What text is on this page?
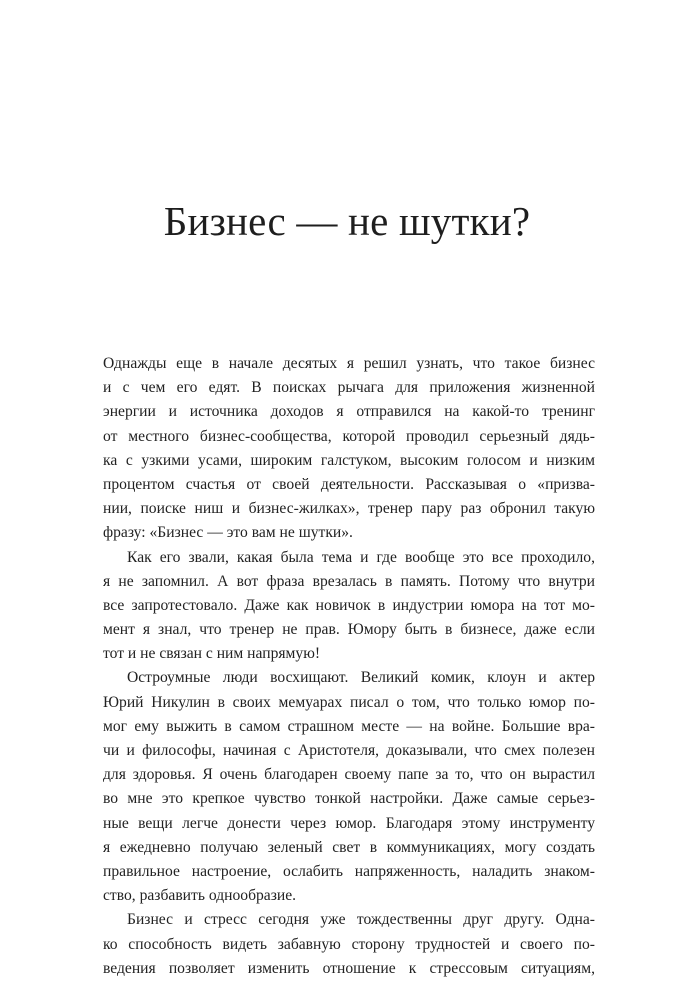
Бизнес — не шутки?
Однажды еще в начале десятых я решил узнать, что такое бизнес
и с чем его едят. В поисках рычага для приложения жизненной
энергии и источника доходов я отправился на какой-то тренинг
от местного бизнес-сообщества, которой проводил серьезный дядь-
ка с узкими усами, широким галстуком, высоким голосом и низким
процентом счастья от своей деятельности. Рассказывая о «призва-
нии, поиске ниш и бизнес-жилках», тренер пару раз обронил такую
фразу: «Бизнес — это вам не шутки».
Как его звали, какая была тема и где вообще это все проходило,
я не запомнил. А вот фраза врезалась в память. Потому что внутри
все запротестовало. Даже как новичок в индустрии юмора на тот мо-
мент я знал, что тренер не прав. Юмору быть в бизнесе, даже если
тот и не связан с ним напрямую!
Остроумные люди восхищают. Великий комик, клоун и актер
Юрий Никулин в своих мемуарах писал о том, что только юмор по-
мог ему выжить в самом страшном месте — на войне. Большие вра-
чи и философы, начиная с Аристотеля, доказывали, что смех полезен
для здоровья. Я очень благодарен своему папе за то, что он вырастил
во мне это крепкое чувство тонкой настройки. Даже самые серьез-
ные вещи легче донести через юмор. Благодаря этому инструменту
я ежедневно получаю зеленый свет в коммуникациях, могу создать
правильное настроение, ослабить напряженность, наладить знаком-
ство, разбавить однообразие.
Бизнес и стресс сегодня уже тождественны друг другу. Одна-
ко способность видеть забавную сторону трудностей и своего по-
ведения позволяет изменить отношение к стрессовым ситуациям,
